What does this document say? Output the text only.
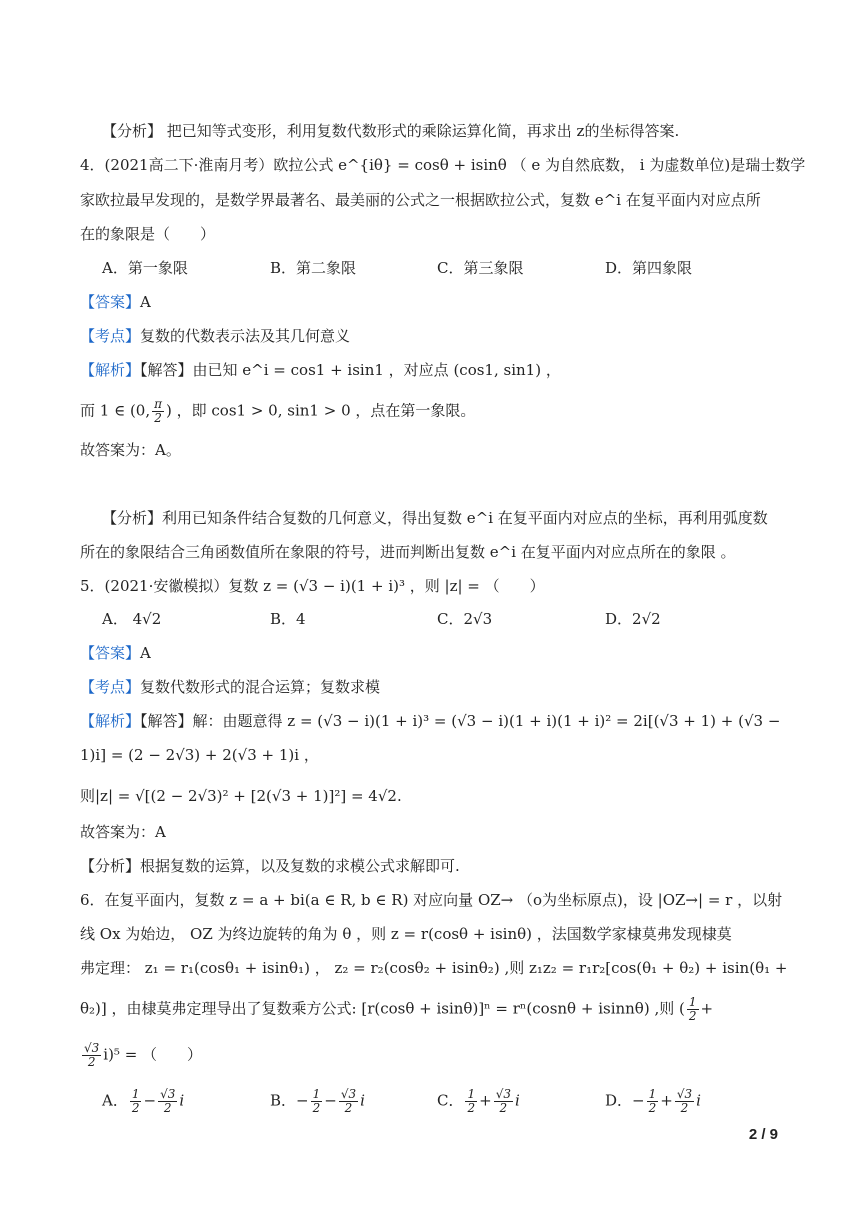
【分析】 把已知等式变形，利用复数代数形式的乘除运算化简，再求出 z的坐标得答案.
4．(2021高二下·淮南月考）欧拉公式 e^{iθ} = cosθ + isinθ （ e 为自然底数， i 为虚数单位)是瑞士数学
家欧拉最早发现的，是数学界最著名、最美丽的公式之一根据欧拉公式，复数 e^i 在复平面内对应点所
在的象限是（　　）
A．第一象限	B．第二象限	C．第三象限	D．第四象限
【答案】A
【考点】复数的代数表示法及其几何意义
【解析】【解答】由已知 e^i = cos1 + isin1 ，对应点 (cos1, sin1) ，
而 1 ∈ (0, $\frac{\pi}{2}$ ) ，即 cos1 > 0, sin1 > 0 ，点在第一象限。
故答案为：A。
【分析】利用已知条件结合复数的几何意义，得出复数 e^i 在复平面内对应点的坐标，再利用弧度数
所在的象限结合三角函数值所在象限的符号，进而判断出复数 e^i 在复平面内对应点所在的象限 。
5．(2021·安徽模拟）复数 z = (√3 − i)(1 + i)³ ，则 |z| = （　　）
A． 4√2	B．4	C．2√3	D．2√2
【答案】A
【考点】复数代数形式的混合运算；复数求模
【解析】【解答】解：由题意得 z = (√3 − i)(1 + i)³ = (√3 − i)(1 + i)(1 + i)² = 2i[(√3 + 1) + (√3 −
1)i] = (2 − 2√3) + 2(√3 + 1)i ，
则|z| = √[(2 − 2√3)² + [2(√3 + 1)]²] = 4√2.
故答案为：A
【分析】根据复数的运算，以及复数的求模公式求解即可.
6．在复平面内，复数 z = a + bi(a ∈ R, b ∈ R) 对应向量 OZ→ （o为坐标原点)，设 |OZ→| = r ，以射
线 Ox 为始边， OZ 为终边旋转的角为 θ ，则 z = r(cosθ + isinθ) ，法国数学家棣莫弗发现棣莫
弗定理： z₁ = r₁(cosθ₁ + isinθ₁) ， z₂ = r₂(cosθ₂ + isinθ₂) ,则 z₁z₂ = r₁r₂[cos(θ₁ + θ₂) + isin(θ₁ +
θ₂)] ，由棣莫弗定理导出了复数乘方公式: [r(cosθ + isinθ)]ⁿ = rⁿ(cosnθ + isinnθ) ,则 ( $\frac{1}{2}$ +
$\frac{√3}{2} i)^5$ = （　　）
A． $\frac{1}{2} - \frac{√3}{2}$ i	B．− $\frac{1}{2} - \frac{√3}{2}$ i	C． $\frac{1}{2} + \frac{√3}{2}$ i	D．− $\frac{1}{2} + \frac{√3}{2}$ i
2 / 9
